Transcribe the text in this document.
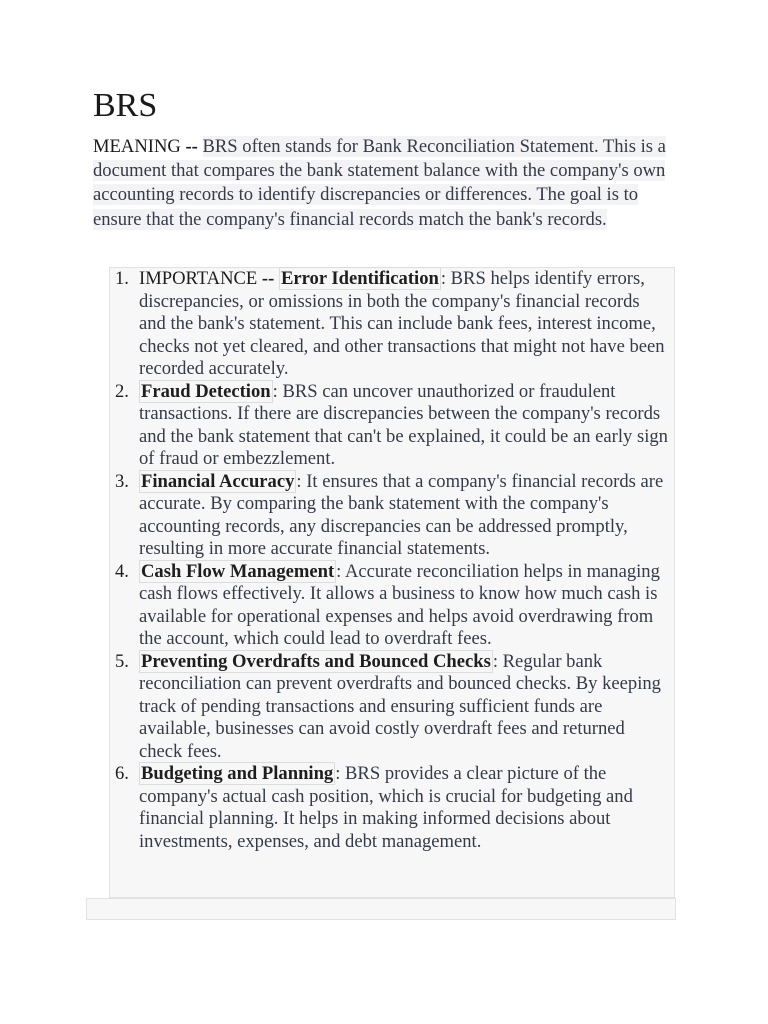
BRS

MEANING -- BRS often stands for Bank Reconciliation Statement. This is a document that compares the bank statement balance with the company's own accounting records to identify discrepancies or differences. The goal is to ensure that the company's financial records match the bank's records.

1. IMPORTANCE -- Error Identification : BRS helps identify errors, discrepancies, or omissions in both the company's financial records and the bank's statement. This can include bank fees, interest income, checks not yet cleared, and other transactions that might not have been recorded accurately.
2. Fraud Detection : BRS can uncover unauthorized or fraudulent transactions. If there are discrepancies between the company's records and the bank statement that can't be explained, it could be an early sign of fraud or embezzlement.
3. Financial Accuracy : It ensures that a company's financial records are accurate. By comparing the bank statement with the company's accounting records, any discrepancies can be addressed promptly, resulting in more accurate financial statements.
4. Cash Flow Management : Accurate reconciliation helps in managing cash flows effectively. It allows a business to know how much cash is available for operational expenses and helps avoid overdrawing from the account, which could lead to overdraft fees.
5. Preventing Overdrafts and Bounced Checks : Regular bank reconciliation can prevent overdrafts and bounced checks. By keeping track of pending transactions and ensuring sufficient funds are available, businesses can avoid costly overdraft fees and returned check fees.
6. Budgeting and Planning : BRS provides a clear picture of the company's actual cash position, which is crucial for budgeting and financial planning. It helps in making informed decisions about investments, expenses, and debt management.
